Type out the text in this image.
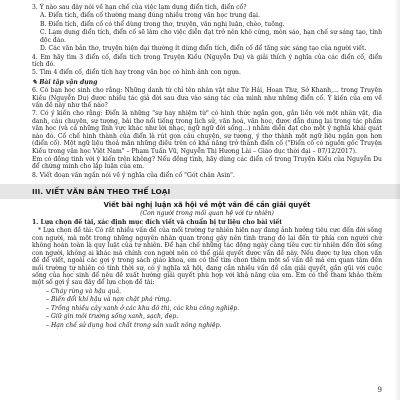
3. Ý nào sau đây nói về hạn chế của việc lạm dụng điển tích, điển cố?

A. Điển tích, điển cố thường mang đúng nhiều trong văn học trung đại.

B. Điển tích, điển cố có thể dùng trong thơ, truyện, văn nghị luận, chèo, tuồng.

C. Lạm dụng điển tích, điển cố sẽ làm cho việc diễn đạt trở nên khô cứng, mòn sáo, hạn chế sự sáng tạo, tính độc đáo.

D. Các văn bản thơ, truyện hiện đại thường ít dùng điển tích, điển cố để tăng sức sáng tạo của người viết.

4. Em hãy tìm 3 điển cố, điển tích trong Truyện Kiều (Nguyễn Du) và giải thích ý nghĩa của các điển cố, điển tích đó.

5. Tìm 4 điển cố, điển tích hay trong văn học có hình ảnh con ngựa.

✎ Bài tập vận dụng

6. Có bạn học sinh cho rằng: Những danh từ chỉ tên nhân vật như Từ Hải, Hoạn Thư, Sở Khanh,... trong Truyện Kiều (Nguyễn Du) được nhiều tác giả đời sau đưa vào sáng tác của mình như những điển cố. Ý kiến của em về vấn đề này như thế nào?

7. Có ý kiến cho rằng: Điển là những "sự hay nhiệm từ" có hình thức ngắn gọn, gắn liền với một nhân vật, địa danh, câu chuyện, sự tượng, bài thơ nổi tiếng trong lịch sử, văn hoá, văn học, được dẫn dụng lại trong tác phẩm văn học (và cả những lĩnh vực khác như lời nhạc, ngữ ngữ đời sống...) nhằm diễn đạt cho một ý nghĩa khái quát nào đó. Cố chế hình thành của điển là rút gọn câu chuyện, sự tượng, ý thơ thành một ngữ liệu ngắn gọn hơn (điển cố). Một ngữ liệu thoả mãn những điều trên có khả năng trở thành điển cố ("Điển cố có nguồn gốc Truyện Kiều trong văn học Việt Nam" – Phạm Tuấn Vũ, Nguyễn Thị Hương Lài – Giáo dục thời đại – 07/12/2017).

Em có đồng tình với ý kiến trên không? Nếu đồng tình, hãy dùng các điển cố trong Truyện Kiều của Nguyễn Du để chứng minh cho lập luận của em.

8. Viết đoạn văn ngắn nói về ý nghĩa của điển cố "Gót chân Asin".

III. VIẾT VĂN BẢN THEO THỂ LOẠI

Viết bài nghị luận xã hội về một vấn đề cần giải quyết

(Con người trong mối quan hệ với tự nhiên)

1. Lựa chọn đề tài, xác định mục đích viết và chuẩn bị tư liệu cho bài viết

* Lựa chọn đề tài: Có rất nhiều vấn đề của mối trường tự nhiên hiện nay đang ảnh hưởng tiêu cực đến đời sống con người, mà một trong những nguyên nhân quan trọng gây nên tình trạng đó lại đến từ phía con người chứ không hoàn toàn là quy luật của tự nhiên. Để hạn chế những tác động ngày càng tiêu cực từ nhiên đến đời sống con người, không ai khác mà chính con người nên có thể giải quyết được vấn đề này. Nếu được tự lựa chọn vấn đề để viết, ngoài các gợi ý trong sách giáo khoa, em có thể tìm chọn thêm một số vấn đề mà em quan tâm đến mối trường tự nhiên có tính thời sự, có ý nghĩa xã hội, đang cần nhiều vấn đề cần giải quyết, gắn gũi với cuộc sống của học sinh để nêu đề xuất hướng giải quyết phù hợp với khả năng của em. Em có thể tham khảo thêm một số gợi ý sau đây để lựa chọn đề tài:

– Cháy rừng và hậu quả.
– Biến đổi khí hậu và nạn chặt phá rừng.
– Trồng nhiều cây xanh ở các khu đô thị, các khu công nghiệp.
– Giữ gìn môi trường sống xanh, sạch, đẹp.
– Hạn chế sử dụng hoá chất trong sản xuất nông nghiệp.
9
